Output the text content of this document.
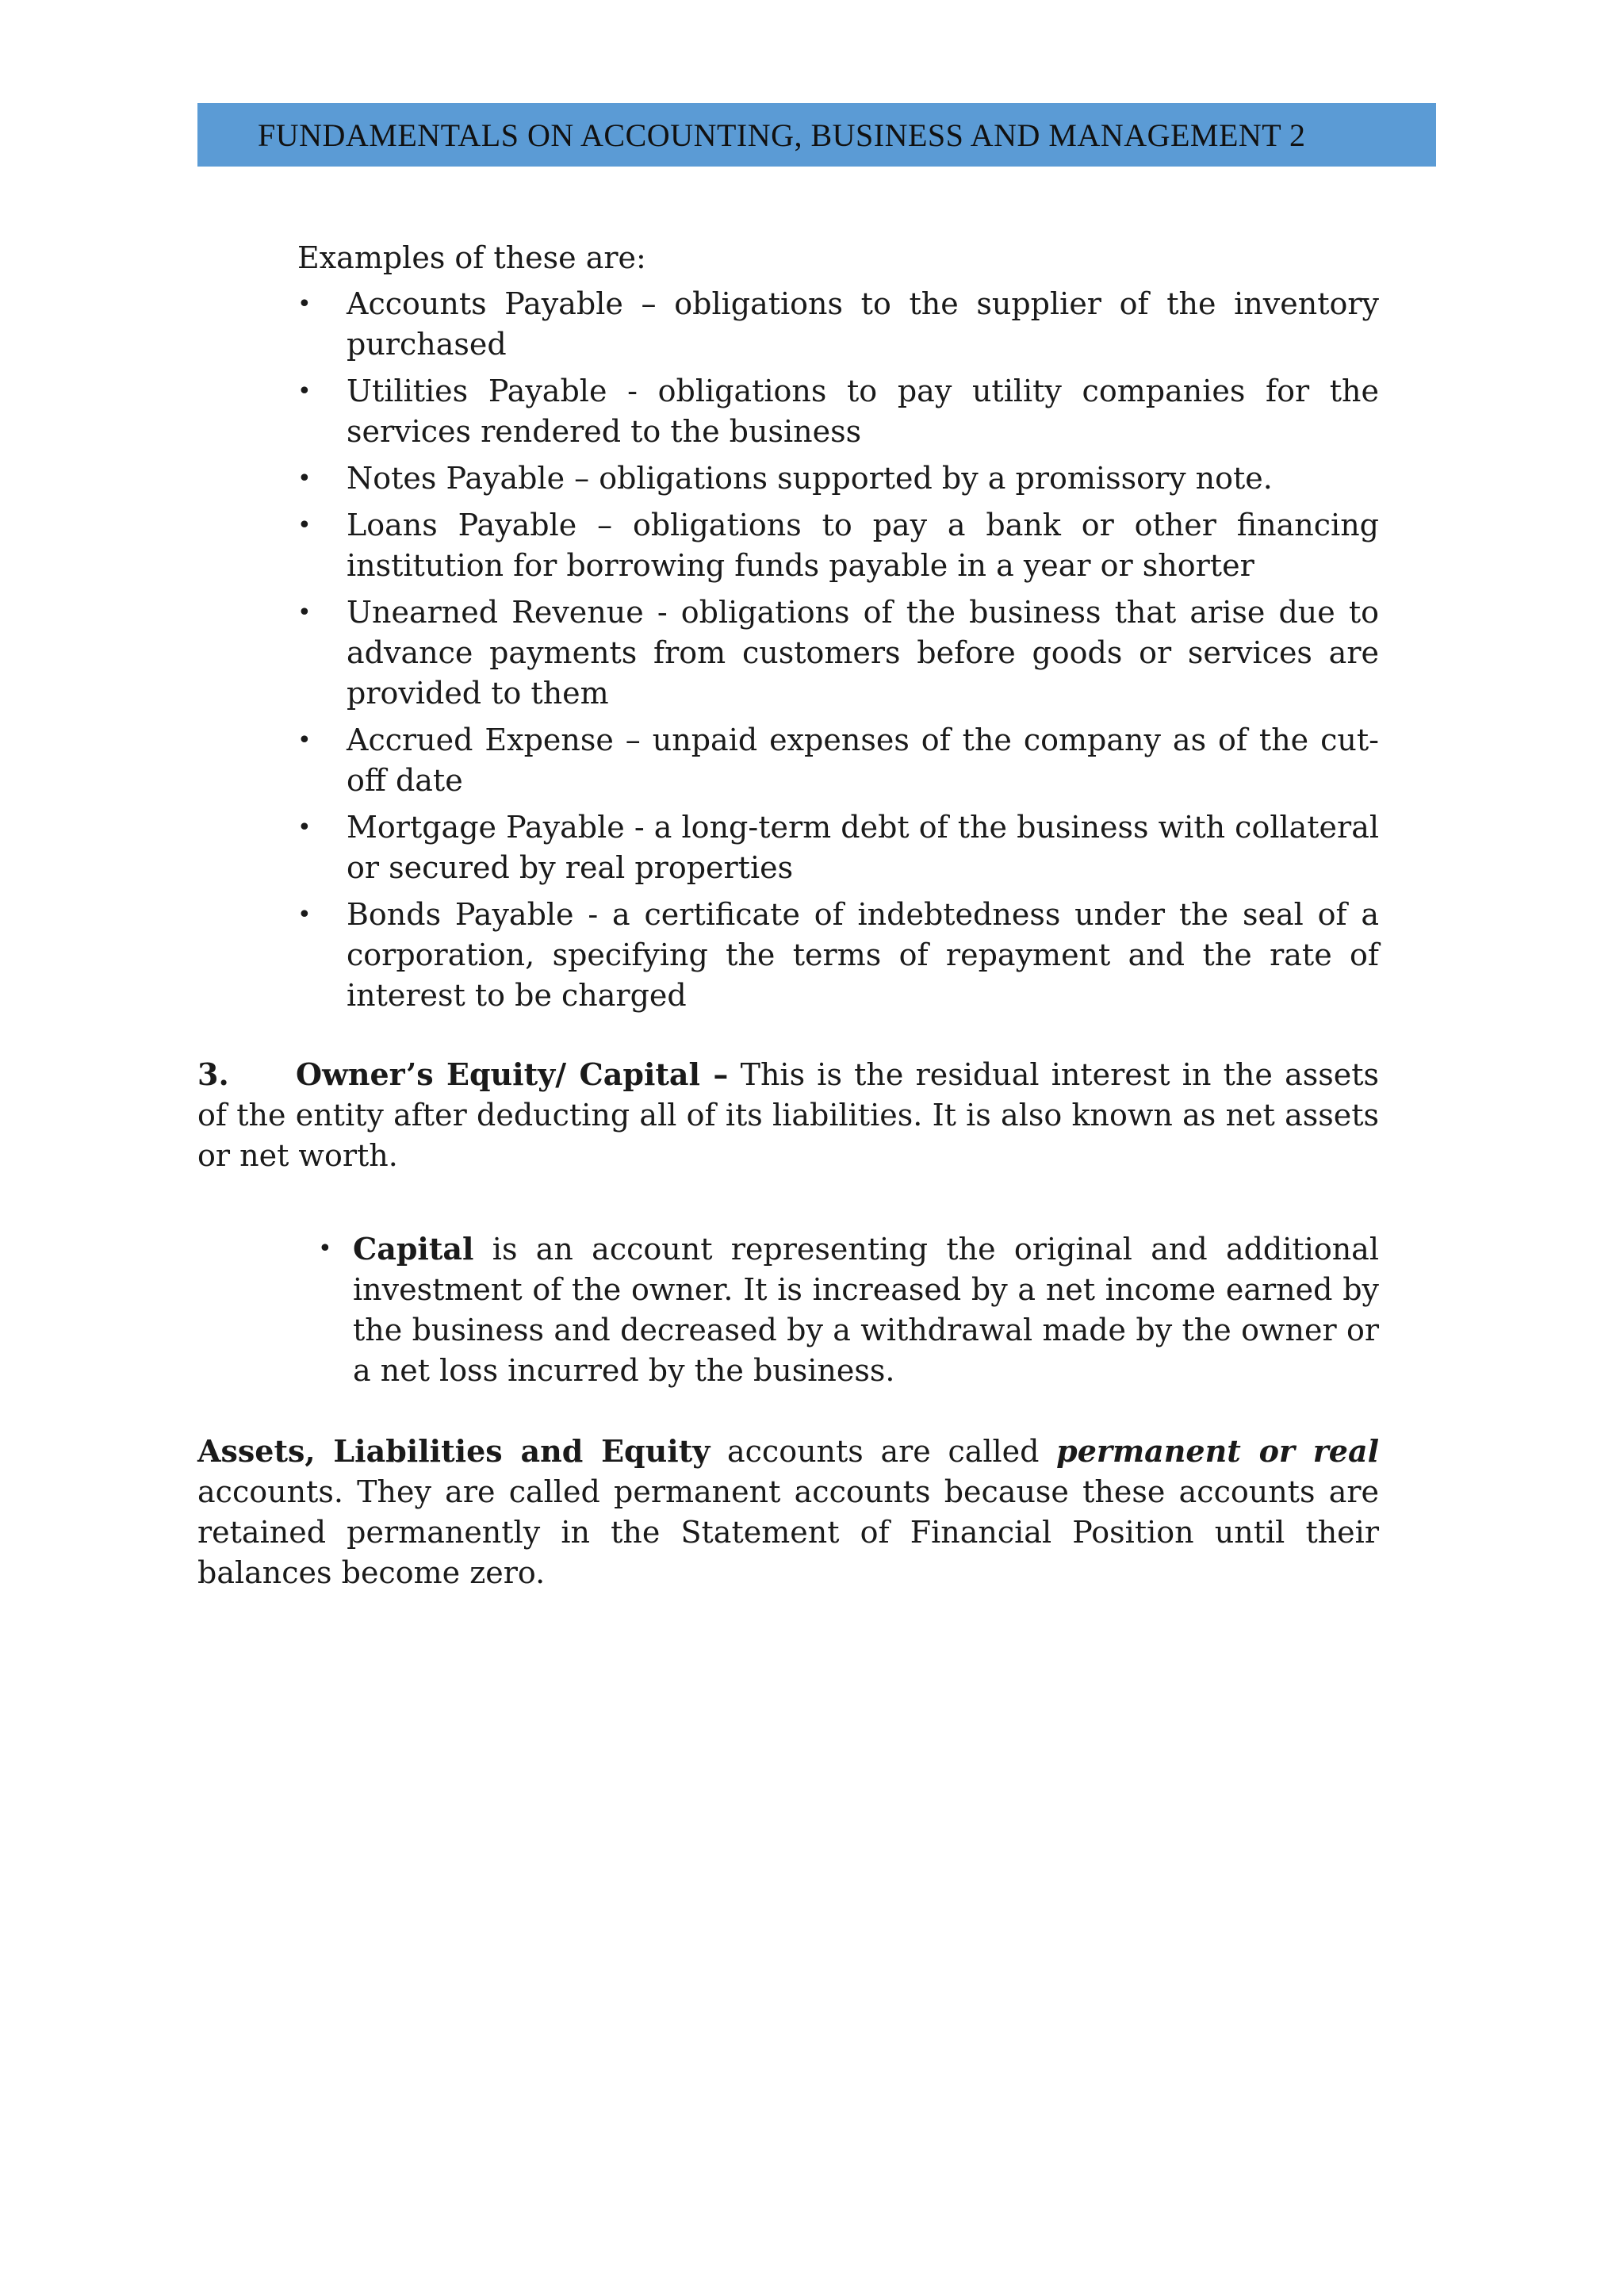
FUNDAMENTALS ON ACCOUNTING, BUSINESS AND MANAGEMENT 2

Examples of these are:

• Accounts Payable – obligations to the supplier of the inventory purchased
• Utilities Payable - obligations to pay utility companies for the services rendered to the business
• Notes Payable – obligations supported by a promissory note.
• Loans Payable – obligations to pay a bank or other financing institution for borrowing funds payable in a year or shorter
• Unearned Revenue - obligations of the business that arise due to advance payments from customers before goods or services are provided to them
• Accrued Expense – unpaid expenses of the company as of the cut-off date
• Mortgage Payable - a long-term debt of the business with collateral or secured by real properties
• Bonds Payable - a certificate of indebtedness under the seal of a corporation, specifying the terms of repayment and the rate of interest to be charged

3. Owner’s Equity/ Capital – This is the residual interest in the assets of the entity after deducting all of its liabilities. It is also known as net assets or net worth.

• Capital is an account representing the original and additional investment of the owner. It is increased by a net income earned by the business and decreased by a withdrawal made by the owner or a net loss incurred by the business.

Assets, Liabilities and Equity accounts are called permanent or real accounts. They are called permanent accounts because these accounts are retained permanently in the Statement of Financial Position until their balances become zero.
